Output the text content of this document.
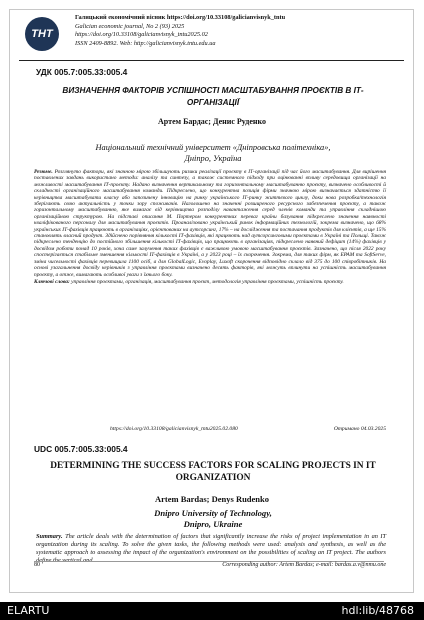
ТНТ
Галицький економічний вісник https://doi.org/10.33108/galicianvisnyk_tntu
Galician economic journal, No 2 (93) 2025
https://doi.org/10.33108/galicianvisnyk_tntu2025.02
ISSN 2409-8892. Web: http://galicianvisnyk.tntu.edu.ua
УДК 005.7:005.33:005.4
ВИЗНАЧЕННЯ ФАКТОРІВ УСПІШНОСТІ МАСШТАБУВАННЯ ПРОЄКТІВ В ІТ-ОРГАНІЗАЦІЇ
Артем Бардас; Денис Руденко
Національний технічний університет «Дніпровська політехніка»,
Дніпро, Україна
Резюме. Розглянуто фактори, які значною мірою збільшують ризики реалізації проєкту в ІТ-організації під час його масштабування. Для вирішення поставлених завдань використано методи: аналізу та синтезу, а також системного підходу при оцінюванні впливу середовища організації на можливості масштабування ІТ-проєкту. Надано визначення вертикальному та горизонтальному масштабуванню проєкту, визначено особливості й складності організаційного масштабування команди. Підкреслено, що конкурентна позиція фірми значною мірою визначається здатністю її керівництва масштабувати власну або запозичену інновацію на ринку українського ІТ-ринку життєвого циклу, доки нова розробка/технологія зберігають свою актуальність у точки зору споживачів. Наголошено на значенні розширеного ресурсного забезпечення проєкту, а також горизонтальному масштабуванню, яке вимагає від керівництва розподілу навантаження серед членів команди та управління складнішою організаційною структурою. На підставі описання М. Портером конкурентних переваг країни базування підкреслено значення наявності кваліфікованого персоналу для масштабування проєктів. Проаналізовано український ринок інформаційних технологій, зокрема визначено, що 68% українських ІТ-фахівців працюють в організаціях, орієнтованих на аутсорсинг, 17% – на дослідження та постачання продуктів для клієнтів, а ще 15% становлять власний продукт. Здійснено порівняння кількості ІТ-фахівців, які працюють над аутсорсинговими проєктами в Україні та Польщі. Також підкреслено тенденцію до постійного збільшення кількості ІТ-фахівців, що працюють в організаціях, підкреслено наявний дефіцит (14%) фахівців у досвідом роботи понад 10 років, хоча саме залучення таких фахівців є важливою умовою масштабування проєктів. Зазначено, що після 2022 року спостерігається стабільне зменшення кількості ІТ-фахівців в Україні, а у 2023 році – їх скорочення. Зокрема, для таких фірм, як EPAM та SoftServe, зміна чисельності фахівців перевищила 1100 осіб, а для GlobalLogic, Evoplay, Luxoft скорочення відповідно склало від 375 до 100 співробітників. На основі узагальнення досвіду керівників з управління проєктами визначено десять факторів, які можуть вплинути на успішність масштабування проєкту, а отже, вимагають особливої уваги з їхнього боку.
Ключові слова: управління проєктами, організація, масштабування проєкт, методологія управління проєктами, успішність проєкту.
https://doi.org/10.33108/galicianvisnyk_tntu2025.02.080	Отримано 04.03.2025
UDC 005.7:005.33:005.4
DETERMINING THE SUCCESS FACTORS FOR SCALING PROJECTS IN IT ORGANIZATION
Artem Bardas; Denys Rudenko
Dnipro University of Technology,
Dnipro, Ukraine
Summary. The article deals with the determination of factors that significantly increase the risks of project implementation in an IT organization during its scaling. To solve the given tasks, the following methods were used: analysis and synthesis, as well as the systematic approach to assessing the impact of the organization's environment on the possibilities of scaling an IT project. The authors define the vertical and
80	Corresponding author: Artem Bardas; e-mail: bardas.a.v@nmu.one
ELARTU	hdl:lib/48768
